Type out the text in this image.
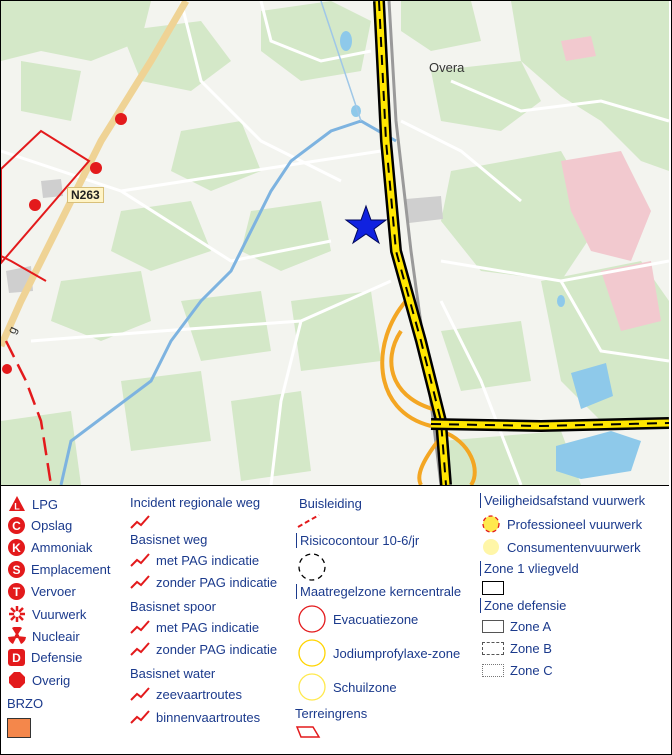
Overa
N263
g
L LPG
C Opslag
K Ammoniak
S Emplacement
T Vervoer
Vuurwerk
Nucleair
D Defensie
Overig
BRZO
Incident regionale weg
Basisnet weg
met PAG indicatie
zonder PAG indicatie
Basisnet spoor
met PAG indicatie
zonder PAG indicatie
Basisnet water
zeevaartroutes
binnenvaartroutes
Buisleiding
Risicocontour 10-6/jr
Maatregelzone kerncentrale
Evacuatiezone
Jodiumprofylaxe-zone
Schuilzone
Terreingrens
Veiligheidsafstand vuurwerk
Professioneel vuurwerk
Consumentenvuurwerk
Zone 1 vliegveld
Zone defensie
Zone A
Zone B
Zone C
